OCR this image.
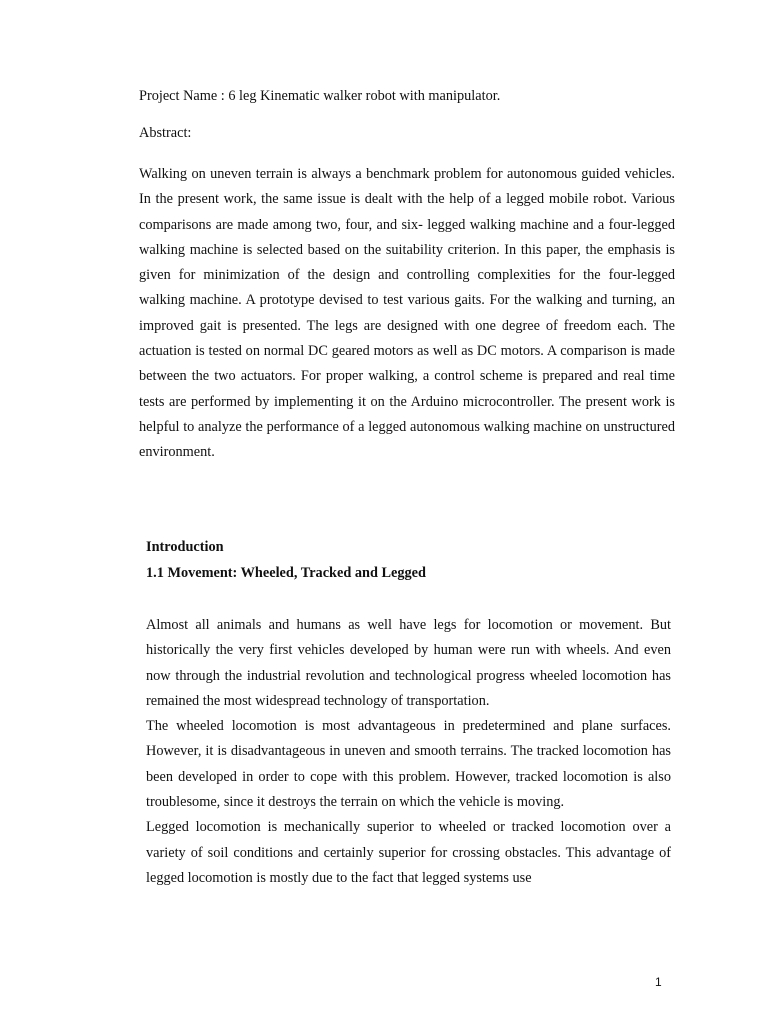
Project Name : 6 leg Kinematic walker robot with manipulator.
Abstract:

Walking on uneven terrain is always a benchmark problem for autonomous guided vehicles. In the present work, the same issue is dealt with the help of a legged mobile robot. Various comparisons are made among two, four, and six- legged walking machine and a four-legged walking machine is selected based on the suitability criterion. In this paper, the emphasis is given for minimization of the design and controlling complexities for the four-legged walking machine. A prototype devised to test various gaits. For the walking and turning, an improved gait is presented. The legs are designed with one degree of freedom each. The actuation is tested on normal DC geared motors as well as DC motors. A comparison is made between the two actuators. For proper walking, a control scheme is prepared and real time tests are performed by implementing it on the Arduino microcontroller. The present work is helpful to analyze the performance of a legged autonomous walking machine on unstructured environment.

Introduction
1.1 Movement: Wheeled, Tracked and Legged
Almost all animals and humans as well have legs for locomotion or movement. But historically the very first vehicles developed by human were run with wheels. And even now through the industrial revolution and technological progress wheeled locomotion has remained the most widespread technology of transportation.
The wheeled locomotion is most advantageous in predetermined and plane surfaces. However, it is disadvantageous in uneven and smooth terrains. The tracked locomotion has been developed in order to cope with this problem. However, tracked locomotion is also troublesome, since it destroys the terrain on which the vehicle is moving.
Legged locomotion is mechanically superior to wheeled or tracked locomotion over a variety of soil conditions and certainly superior for crossing obstacles. This advantage of legged locomotion is mostly due to the fact that legged systems use
1
